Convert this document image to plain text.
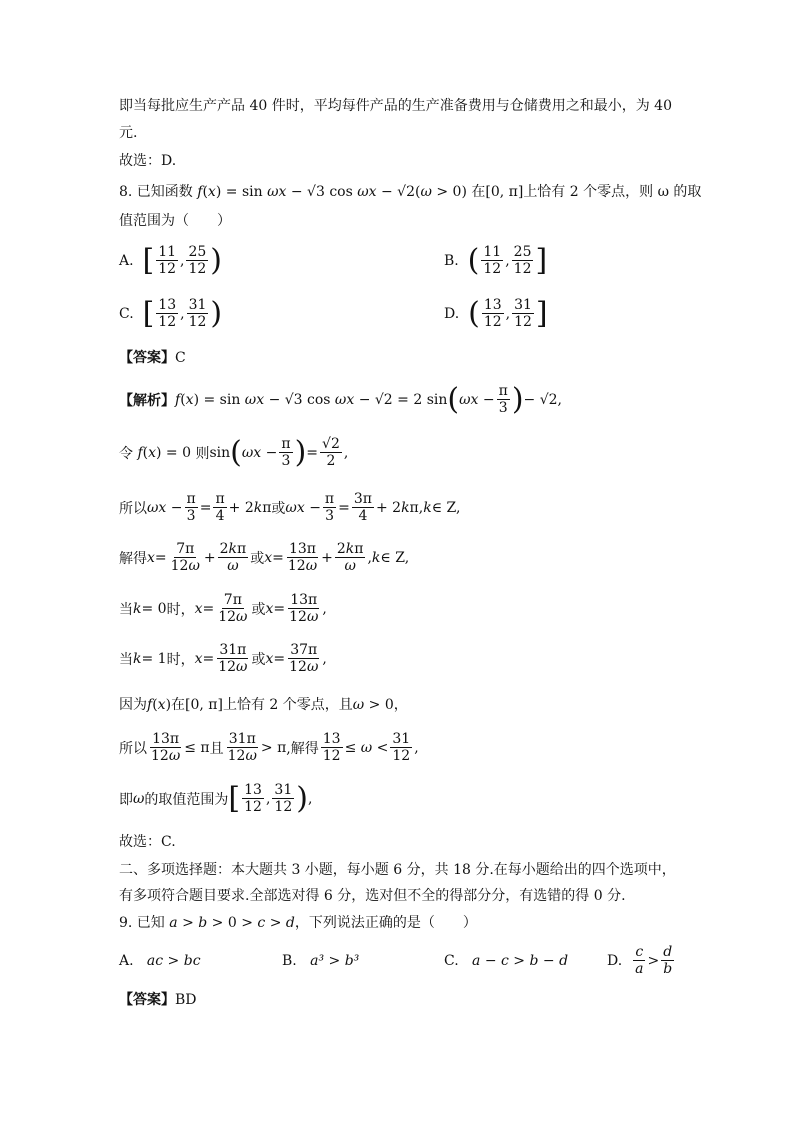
即当每批应生产产品 40 件时，平均每件产品的生产准备费用与仓储费用之和最小，为 40
元.
故选：D.
8. 已知函数 f(x) = sin ωx − √3 cos ωx − √2(ω > 0) 在[0, π]上恰有 2 个零点，则 ω 的取
值范围为（　　）
A.
[ $\frac{11}{12}$ , $\frac{25}{12}$ )	B.
( $\frac{11}{12}$ , $\frac{25}{12}$ ]
C.
[ $\frac{13}{12}$ , $\frac{31}{12}$ )	D.
( $\frac{13}{12}$ , $\frac{31}{12}$ ]
【答案】C
【解析】 f(x) = sin ωx − √3 cos ωx − √2 = 2 sin ( $\omega x - \frac{\pi}{3}$ ) − √2,
令
f(x) = 0
则 sin ( $\omega x - \frac{\pi}{3}$ ) = $\frac{√2}{2}$ ,
所以 $\omega x - \frac{\pi}{3} = \frac{\pi}{4} + 2$ k π 或 $\omega x - \frac{\pi}{3} = \frac{3\pi}{4} + 2$ k π, k ∈ Z,
解得 $x = \frac{7\pi}{12\omega} + \frac{2k\pi}{\omega}$ 或 $x = \frac{13\pi}{12\omega} + \frac{2k\pi}{\omega}$ , k ∈ Z,
当 k = 0 时， $x = \frac{7\pi}{12\omega}$ 或 $x = \frac{13\pi}{12\omega}$ ,
当 k = 1 时， $x = \frac{31\pi}{12\omega}$ 或 $x = \frac{37\pi}{12\omega}$ ,
因为f(x)在[0, π]上恰有 2 个零点，且ω > 0，
所以 $\frac{13\pi}{12\omega} \le \pi$ 且 $\frac{31\pi}{12\omega} > \pi$ ,解得 $\frac{13}{12}$ ≤
ω
< $\frac{31}{12}$ ,
即 ω 的取值范围为 [ $\frac{13}{12}$ , $\frac{31}{12}$ ) ,
故选：C.
二、多项选择题：本大题共 3 小题，每小题 6 分，共 18 分.在每小题给出的四个选项中，
有多项符合题目要求.全部选对得 6 分，选对但不全的得部分分，有选错的得 0 分.
9. 已知 a > b > 0 > c > d，下列说法正确的是（　　）
A.
ac > bc	B.
a³ > b³	C.
a − c > b − d	D.
$\frac{c}{a} > \frac{d}{b}$
【答案】BD
